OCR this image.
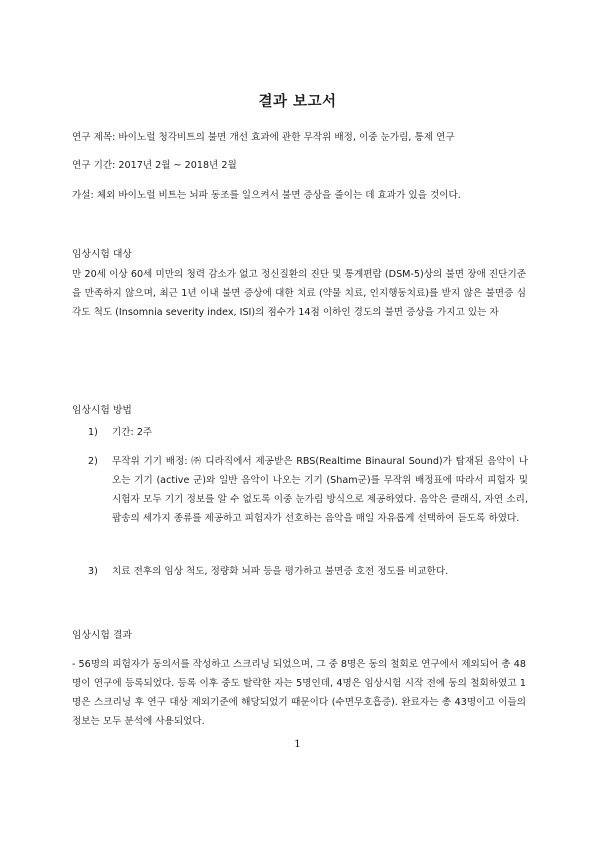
결과 보고서
연구 제목: 바이노럴 청각비트의 불면 개선 효과에 관한 무작위 배정, 이중 눈가림, 통제 연구
연구 기간: 2017년 2월 ~ 2018년 2월
가설: 체외 바이노럴 비트는 뇌파 동조를 일으켜서 불면 증상을 줄이는 데 효과가 있을 것이다.
임상시험 대상
만 20세 이상 60세 미만의 청력 감소가 없고 정신질환의 진단 및 통계편람 (DSM-5)상의 불면 장애 진단기준을 만족하지 않으며, 최근 1년 이내 불면 증상에 대한 치료 (약물 치료, 인지행동치료)를 받지 않은 불면증 심각도 척도 (Insomnia severity index, ISI)의 점수가 14점 이하인 경도의 불면 증상을 가지고 있는 자
임상시험 방법
1) 기간: 2주
2) 무작위 기기 배정: ㈜ 디라직에서 제공받은 RBS(Realtime Binaural Sound)가 탑재된 음악이 나오는 기기 (active 군)와 일반 음악이 나오는 기기 (Sham군)를 무작위 배정표에 따라서 피험자 및 시험자 모두 기기 정보를 알 수 없도록 이중 눈가림 방식으로 제공하였다. 음악은 클래식, 자연 소리, 팝송의 세가지 종류를 제공하고 피험자가 선호하는 음악을 매일 자유롭게 선택하여 듣도록 하였다.
3) 치료 전후의 임상 척도, 정량화 뇌파 등을 평가하고 불면증 호전 정도를 비교한다.
임상시험 결과
- 56명의 피험자가 동의서를 작성하고 스크리닝 되었으며, 그 중 8명은 동의 철회로 연구에서 제외되어 총 48명이 연구에 등록되었다. 등록 이후 중도 탈락한 자는 5명인데, 4명은 임상시험 시작 전에 동의 철회하였고 1명은 스크리닝 후 연구 대상 제외기준에 해당되었기 때문이다 (수면무호흡증). 완료자는 총 43명이고 이들의 정보는 모두 분석에 사용되었다.
1
